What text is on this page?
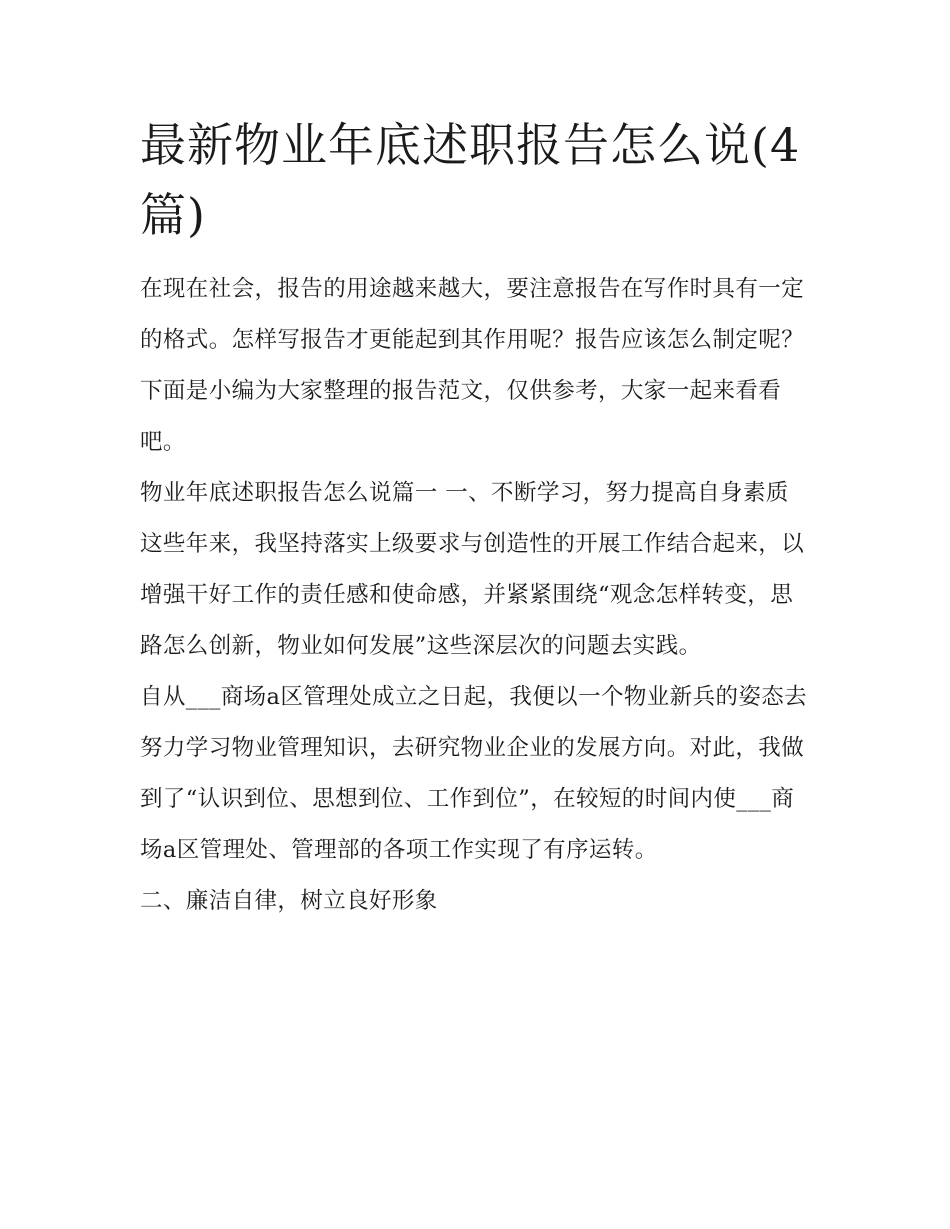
最新物业年底述职报告怎么说(4篇)

在现在社会，报告的用途越来越大，要注意报告在写作时具有一定的格式。怎样写报告才更能起到其作用呢？报告应该怎么制定呢？下面是小编为大家整理的报告范文，仅供参考，大家一起来看看吧。

物业年底述职报告怎么说篇一 一、不断学习，努力提高自身素质

这些年来，我坚持落实上级要求与创造性的开展工作结合起来，以增强干好工作的责任感和使命感，并紧紧围绕“观念怎样转变，思路怎么创新，物业如何发展”这些深层次的问题去实践。

自从___商场a区管理处成立之日起，我便以一个物业新兵的姿态去努力学习物业管理知识，去研究物业企业的发展方向。对此，我做到了“认识到位、思想到位、工作到位”，在较短的时间内使___商场a区管理处、管理部的各项工作实现了有序运转。

二、廉洁自律，树立良好形象
